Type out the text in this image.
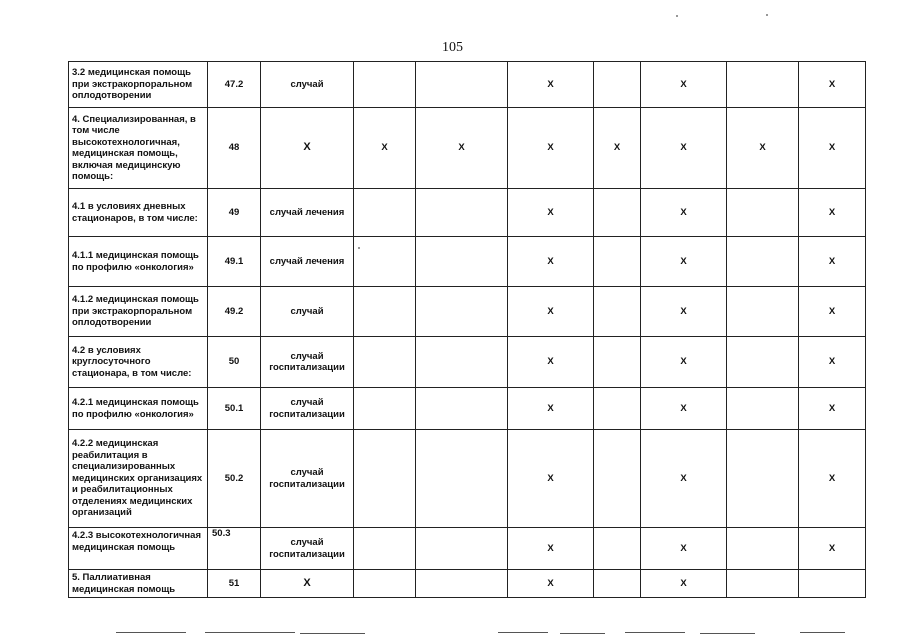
105
3.2 медицинская помощь при экстракорпоральном оплодотворении	47.2	случай			X		X		X
4. Специализированная, в том числе высокотехнологичная, медицинская помощь, включая медицинскую помощь:	48	X	X	X	X	X	X	X	X
4.1 в условиях дневных стационаров, в том числе:	49	случай лечения			X		X		X
4.1.1 медицинская помощь по профилю «онкология»	49.1	случай лечения			X		X		X
4.1.2 медицинская помощь при экстракорпоральном оплодотворении	49.2	случай			X		X		X
4.2 в условиях круглосуточного стационара, в том числе:	50	случай госпитализации			X		X		X
4.2.1 медицинская помощь по профилю «онкология»	50.1	случай госпитализации			X		X		X
4.2.2 медицинская реабилитация в специализированных медицинских организациях и реабилитационных отделениях медицинских организаций	50.2	случай госпитализации			X		X		X
4.2.3 высокотехнологичная медицинская помощь	50.3	случай госпитализации			X		X		X
5. Паллиативная медицинская помощь	51	X			X		X		
